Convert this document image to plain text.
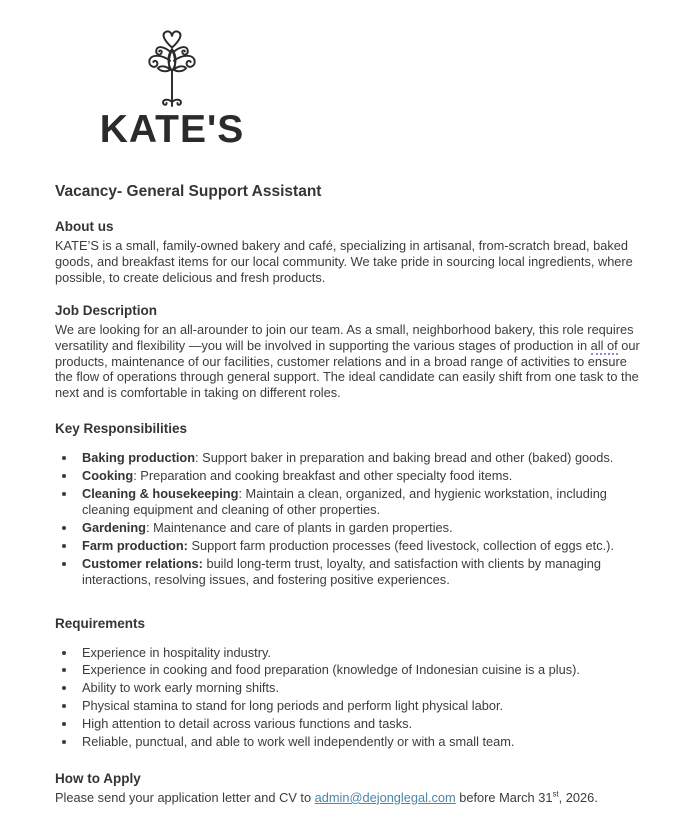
KATE'S
Vacancy- General Support Assistant
About us

KATE’S is a small, family-owned bakery and café, specializing in artisanal, from-scratch bread, baked goods, and breakfast items for our local community. We take pride in sourcing local ingredients, where possible, to create delicious and fresh products.

Job Description

We are looking for an all-arounder to join our team. As a small, neighborhood bakery, this role requires versatility and flexibility —you will be involved in supporting the various stages of production in all of our products, maintenance of our facilities, customer relations and in a broad range of activities to ensure the flow of operations through general support. The ideal candidate can easily shift from one task to the next and is comfortable in taking on different roles.

Key Responsibilities
• Baking production: Support baker in preparation and baking bread and other (baked) goods.
• Cooking: Preparation and cooking breakfast and other specialty food items.
• Cleaning & housekeeping: Maintain a clean, organized, and hygienic workstation, including cleaning equipment and cleaning of other properties.
• Gardening: Maintenance and care of plants in garden properties.
• Farm production: Support farm production processes (feed livestock, collection of eggs etc.).
• Customer relations: build long-term trust, loyalty, and satisfaction with clients by managing interactions, resolving issues, and fostering positive experiences.
Requirements
• Experience in hospitality industry.
• Experience in cooking and food preparation (knowledge of Indonesian cuisine is a plus).
• Ability to work early morning shifts.
• Physical stamina to stand for long periods and perform light physical labor.
• High attention to detail across various functions and tasks.
• Reliable, punctual, and able to work well independently or with a small team.
How to Apply

Please send your application letter and CV to admin@dejonglegal.com before March 31st, 2026.
